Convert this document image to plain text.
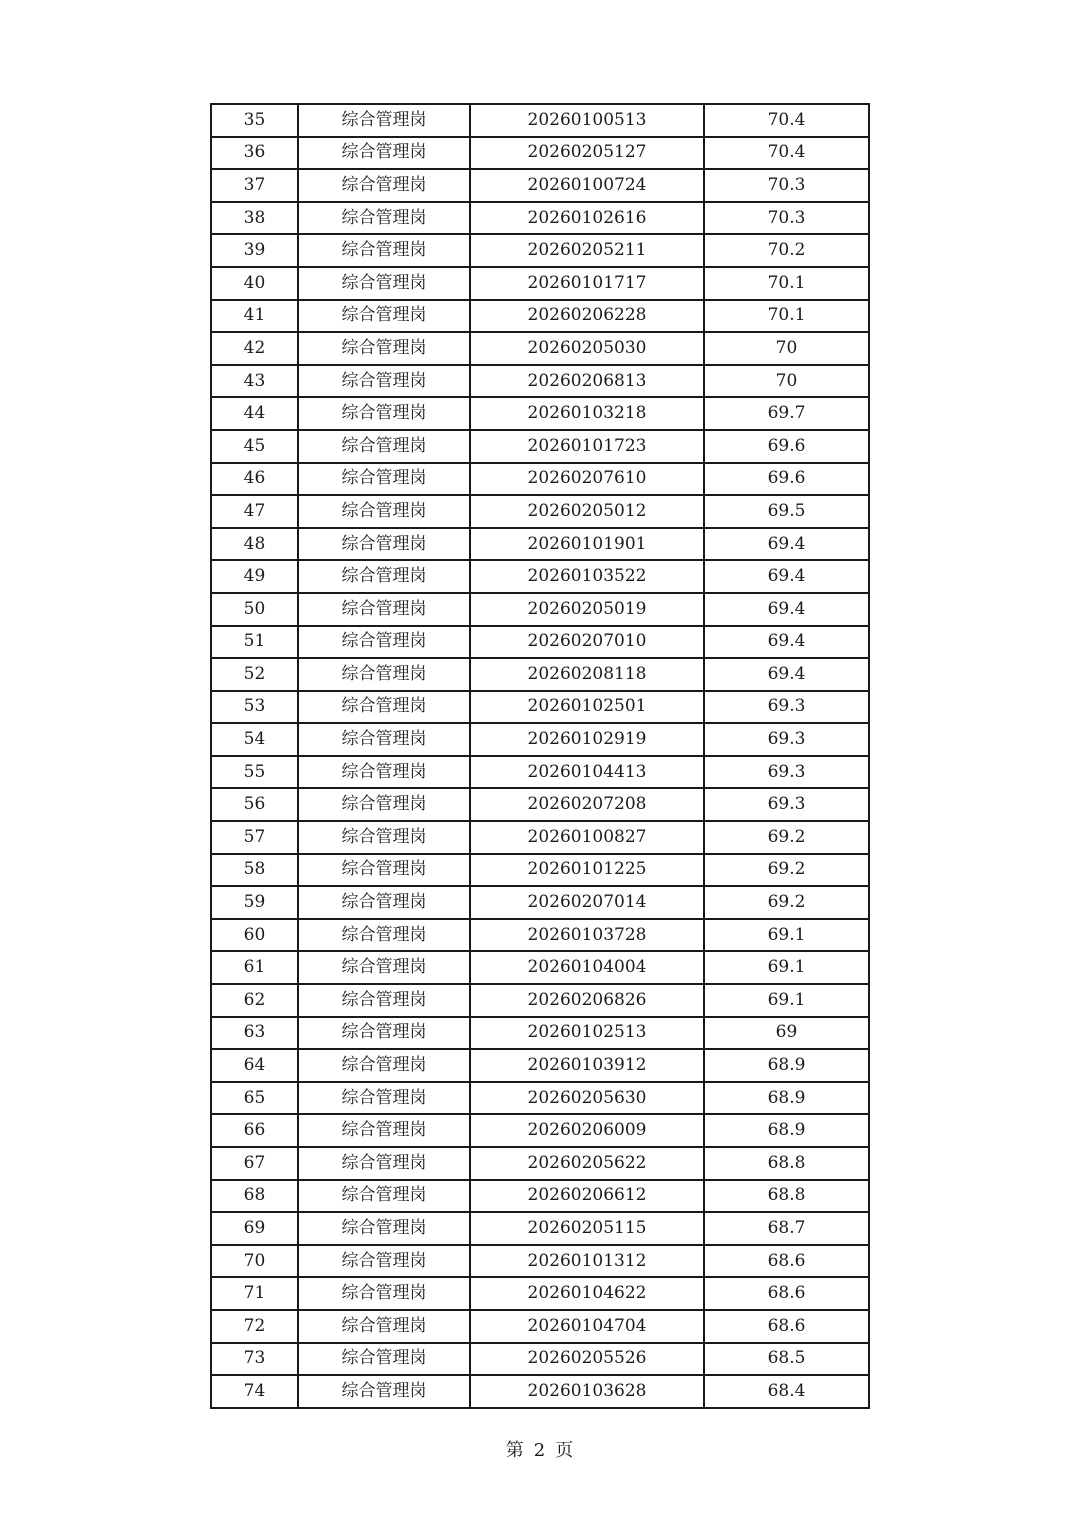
35	综合管理岗	20260100513	70.4
36	综合管理岗	20260205127	70.4
37	综合管理岗	20260100724	70.3
38	综合管理岗	20260102616	70.3
39	综合管理岗	20260205211	70.2
40	综合管理岗	20260101717	70.1
41	综合管理岗	20260206228	70.1
42	综合管理岗	20260205030	70
43	综合管理岗	20260206813	70
44	综合管理岗	20260103218	69.7
45	综合管理岗	20260101723	69.6
46	综合管理岗	20260207610	69.6
47	综合管理岗	20260205012	69.5
48	综合管理岗	20260101901	69.4
49	综合管理岗	20260103522	69.4
50	综合管理岗	20260205019	69.4
51	综合管理岗	20260207010	69.4
52	综合管理岗	20260208118	69.4
53	综合管理岗	20260102501	69.3
54	综合管理岗	20260102919	69.3
55	综合管理岗	20260104413	69.3
56	综合管理岗	20260207208	69.3
57	综合管理岗	20260100827	69.2
58	综合管理岗	20260101225	69.2
59	综合管理岗	20260207014	69.2
60	综合管理岗	20260103728	69.1
61	综合管理岗	20260104004	69.1
62	综合管理岗	20260206826	69.1
63	综合管理岗	20260102513	69
64	综合管理岗	20260103912	68.9
65	综合管理岗	20260205630	68.9
66	综合管理岗	20260206009	68.9
67	综合管理岗	20260205622	68.8
68	综合管理岗	20260206612	68.8
69	综合管理岗	20260205115	68.7
70	综合管理岗	20260101312	68.6
71	综合管理岗	20260104622	68.6
72	综合管理岗	20260104704	68.6
73	综合管理岗	20260205526	68.5
74	综合管理岗	20260103628	68.4
第 2 页
